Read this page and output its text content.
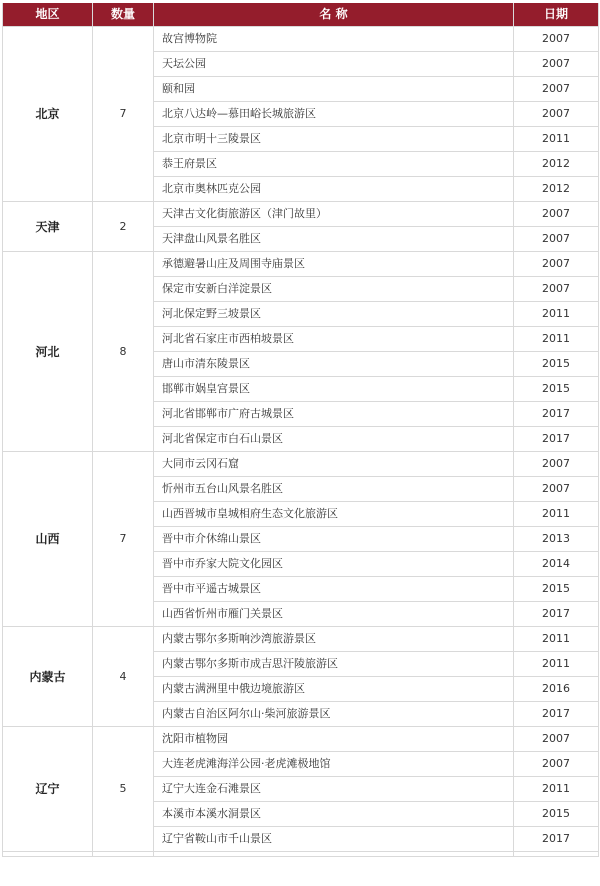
地区	数量	名 称	日期
北京	7	故宫博物院	2007
		天坛公园	2007
		颐和园	2007
		北京八达岭—慕田峪长城旅游区	2007
		北京市明十三陵景区	2011
		恭王府景区	2012
		北京市奥林匹克公园	2012
天津	2	天津古文化街旅游区（津门故里）	2007
		天津盘山风景名胜区	2007
河北	8	承德避暑山庄及周围寺庙景区	2007
		保定市安新白洋淀景区	2007
		河北保定野三坡景区	2011
		河北省石家庄市西柏坡景区	2011
		唐山市清东陵景区	2015
		邯郸市娲皇宫景区	2015
		河北省邯郸市广府古城景区	2017
		河北省保定市白石山景区	2017
山西	7	大同市云冈石窟	2007
		忻州市五台山风景名胜区	2007
		山西晋城市皇城相府生态文化旅游区	2011
		晋中市介休绵山景区	2013
		晋中市乔家大院文化园区	2014
		晋中市平遥古城景区	2015
		山西省忻州市雁门关景区	2017
内蒙古	4	内蒙古鄂尔多斯响沙湾旅游景区	2011
		内蒙古鄂尔多斯市成吉思汗陵旅游区	2011
		内蒙古满洲里中俄边境旅游区	2016
		内蒙古自治区阿尔山·柴河旅游景区	2017
辽宁	5	沈阳市植物园	2007
		大连老虎滩海洋公园·老虎滩极地馆	2007
		辽宁大连金石滩景区	2011
		本溪市本溪水洞景区	2015
		辽宁省鞍山市千山景区	2017
